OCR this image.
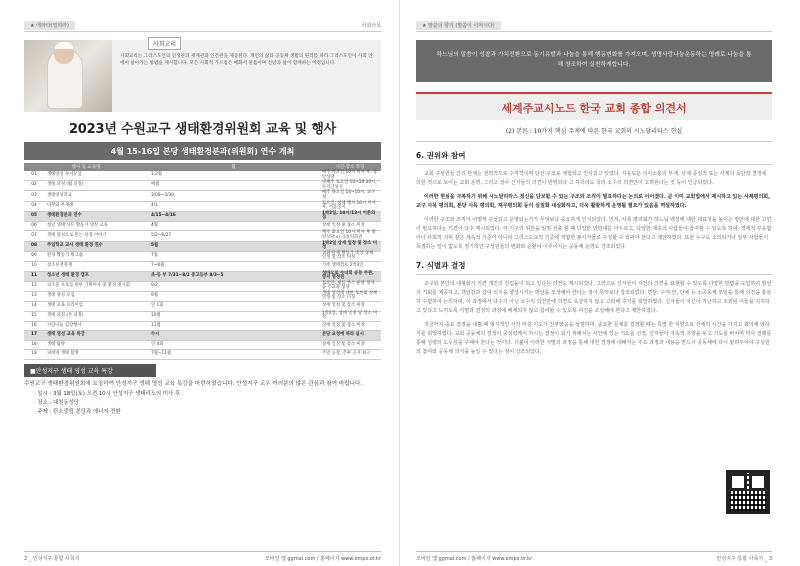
★ 에파타(열려라)	사회사목
사회교리

사회교리는 그리스도인의 인생관과 세계관과 인간관을 제공한다. 개인의 삶과 공동체 생활의 원리를 따라 그리스도인이 사회 안에서 살아가는 방법을 제시합니다. 모든 사회적 가르침은 매화서 말씀이며 신앙과 삶이 함께하는 여정입니다.

2023년 수원교구 생태환경위원회 교육 및 행사
4월 15-16일 본당 생태환경분과(위원회) 연수 개최
행사 및 교육명		월	시간·장소·특징
01	생태영성 독서모임	1,2월	매주 목요일 10시 미사 후, 중앙성당
02	생태 피정 (월 피정)	매월	넷째주 토요일 10~16:30시, 수리산성지
03	생태영성학교	3/09~3/30	매주 목요일 14~16시, 교구청
04	나무와 부제례	4/1	토요일, 성체 행사 10시 미사 후, 어음성지
05	생태환경분과 연수	4/15~4/16	1박2일, 10시/13시 이론의 집
06	청년 생태 사도 활동가 영성 교육	4월	상세 일정 및 장소 미정
07	생태 영성으로 읽는 성경 이야기	5/2~6/27	매주 화요일 10시 미사 후 중앙성당 or 가톨릭회관
08	주일학교 교사 생태 환경 연수	5월	1박2일 상세 일정 및 장소 미정
09	환경 활동가 워크숍	7월	교회 단체 활동가 대상 상세 일정 및 장소 미정
10	창조보전축제	7~8월	가족 생태캠프 2박3일
11	청소년 생태 환경 캠프	초·등 부 7/31~8/1 중고등부 8/3~5	성바오로 수녀회 공동 주관, 양지 영성원
12	피조물 보호를 위한 기원미사 및 환경 전시회	9/2	토요일, 제를 부스 운영 정자동 주교좌 성당
13	생태 영성 모임	9월	생태 영성에 대한 토론회 상세 일정 및 장소 미정
14	생태 교육 프리미엄	연 1회	상세 일정 및 장소 미정
15	생태 피정 (본 피정)	10월	1박2일, 상세 일정 및 장소 미정
16	사랑나눔 김장행사	11월	상세 일정 및 장소 미정
17	생태 영성 교육 특강	수시	본당 요청에 따라 실시
18	생태 탐방	연 4회	상세 일정 및 장소 미정
19	피데네 생태 탐방	7월~11월	주말 농장, 추후 공지 최고
■안성지구 생태 영성 교육 특강

수원교구 생태환경위원회에 요청하여 안성지구 생태 영성 교육 특강을 마련하였습니다. 안성지구 교우 여러분의 많은 관심과 참여 바랍니다.

· 일시 : 3월 18일(토) 오전 10시 안성지구 생태리도의 미사 후
· 장소 : 대천동성당
· 주제 : 탄소중립 본당과 에너지 전환
2 _ 안성지구 통합 사목지	모바일 앱 ggmal.com / 홈페이지 www.emps.or.kr
★ 말씀의 향기 (말씀이 이머시다)
하느님의 말씀이 성찰과 가치전환으로 동기유발과 나눔을 통해 행동변화를 가져오며, 생명사랑나눔운동하는 영례로 나눔을 통해 창조하여 실천하게합니다.
세계주교시노드 한국 교회 종합 의견서
(2) 본론 : 10가지 핵심 주제에 따른 한국 교회의 시노달리타스 현실
6. 권위와 참여

교회 구성원들 간의 관계는 권력적으로 수직적이며 단선 구조로 체험되고 인식되고 있었다. 자유로운 의사소통의 부재, 사제 중심적 또는 사제의 독단적 결정에 의한 것으로 보이는 교회 운영, 그리고 성사 신자들의 의견이 반영되다 고 하더라도 국의 소수의 의견만이 고려된다는 것 등이 인급되었다.

이러한 현실을 극복하기 위해 시노달리타스 정신을 담보할 수 있는 구조와 조직이 필요하다는 논의로 이어졌다. 곧 이미 교회법에서 제시하고 있는 사제평의회, 교구 사목 평의회, 본당 사목 평의회, 재무평의회 등이 실질화 내실화하고, 더욱 활발하게 운영될 필요가 있음을 역설하였다.

이러한 구조와 조직이 어떻게 구성되고 운영되는가가 무엇보다 중요하게 인식되었다. 먼저, 사목 평의회가 하느님 백성에 대한 대표성을 높이는 방안에 대한 고민이 필요하다는 의견이 다수 제시되었다. 각 기구의 위원을 임명·선출 할 때 다양한 연령대를 아우르고, 다양한 계층의 사람들이 참여할 수 있도록 하여, 경제적 부유함이나 사회적 지위 같은 세속적 기준이 아니라 그리스도교적 기준에 적합한 봉사자들로 구성할 수 있어야 한다고 제안하였다. 또한 누구도 소외되거나 일부 사람들이 독점하는 일이 없도록 정기적인 구성원들의 변화와 순환이 이루어지는 공동체 운영도 강조되었다.

7. 식별과 결정

교구와 본당의 대형화가 의견 개진의 걸림돌이 되고 있다는 의견도 제시되었다. 그러므로 신자들이 자신의 의견을 표현할 수 있도록 다양한 방법을 도입하여 발언의 기회를 제공하고, 책임감과 참여 의식을 향상시키는 방안을 모색해야 한다는 점이 무엇보다 강조되었다. 면담, 구역·반, 단체 등 소공동체 모임을 통해 의견을 충분히 수렴하여 논의하며, 이 과정에서 다수가 아닌 소수의 의견만에 의견도 묵살하지 않고 고려해 주기를 희망하였다. 신자들이 자신이 가난하고 소외된 이들을 지지하고 있다고 느끼도록 식별과 결정의 과정에 배제되지 않고 참여할 수 있도록 여건을 조성해야 한다고 제안하였다.

지금까지 중요 결정을 내릴 때 형식적인 시작 마침 기도가 전부였음을 성찰하며, 중요한 문제를 결정할 때는 특별 한 지향으로 전체의 시간을 가지고 회의에 임하기를 희망하였다. 교회 공동체의 결정이 공성령께서 하시는 결정이 되기 위해서는 사안에 있는 기도를 선정, 신자들이 지속적 지향을 두고 기도를 바치며 미사 전례를 통해 성령의 도우심을 구해야 한다는 것이다. 더불어 이러한 식별의 과정을 통해 내린 결정에 대해서는 주요 과정과 내용을 반드시 공동체에 다시 알려주어야 구성원의 참여와 공동체 의식을 높일 수 있다는 점이 강조되었다.

모바일 앱 ggmal.com / 홈페이지 www.emps.or.kr	안성지구 통합 사목지 _ 3
